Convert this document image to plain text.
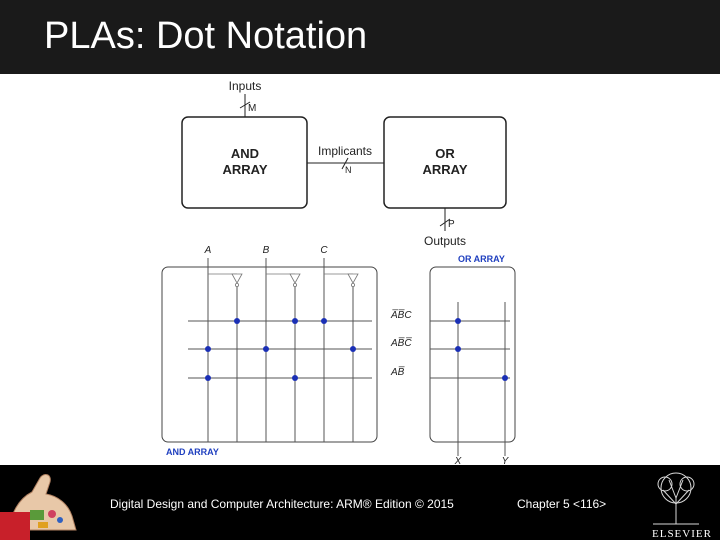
PLAs: Dot Notation
Inputs
M
AND
ARRAY
Implicants
N
OR
ARRAY
P
Outputs
A	B	C
A̅B̅C
AB̅C̅
AB̅
OR ARRAY
AND ARRAY
X	Y
Digital Design and Computer Architecture: ARM® Edition © 2015	Chapter 5 <116>
ELSEVIER
